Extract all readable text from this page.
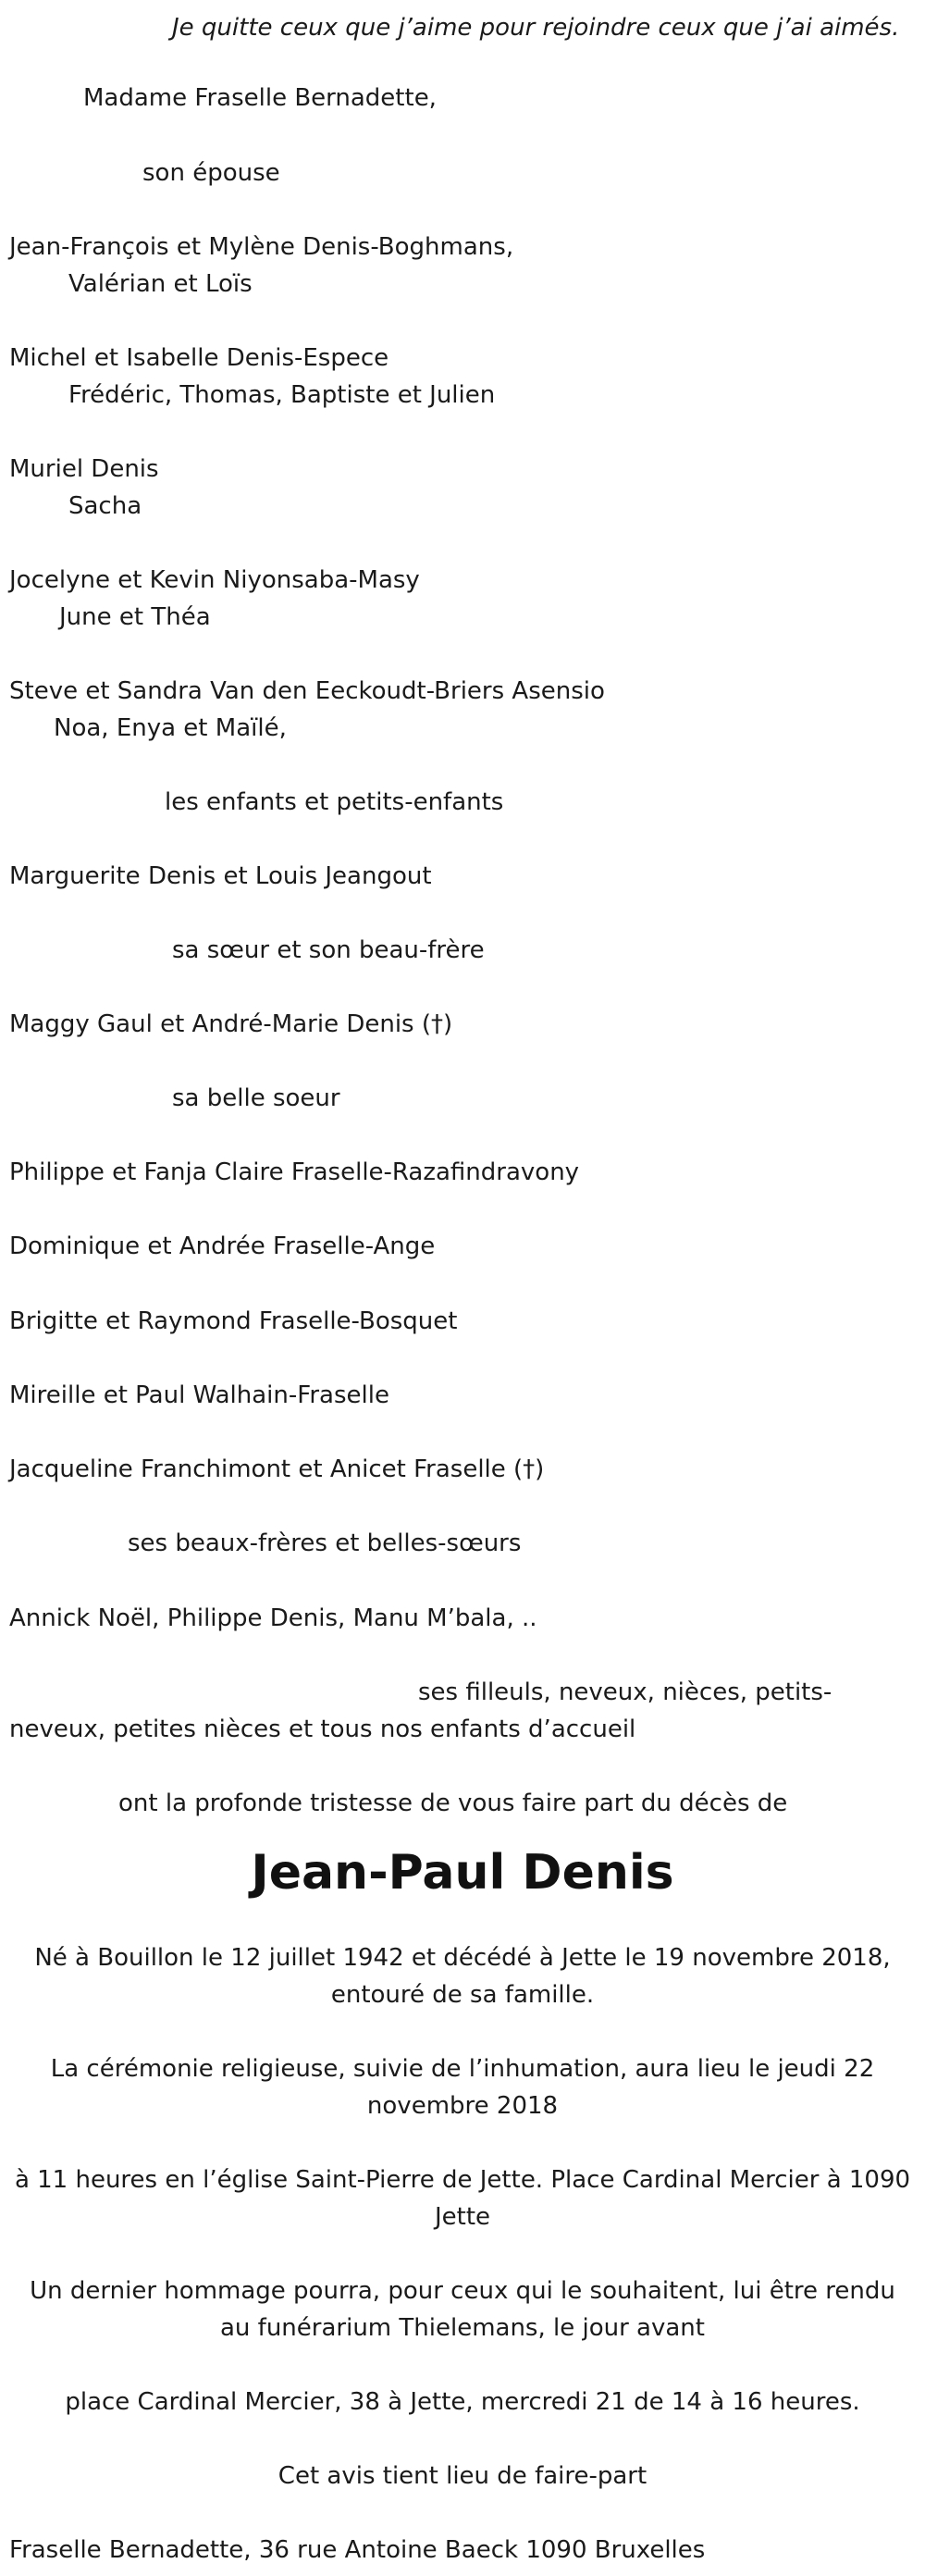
Je quitte ceux que j’aime pour rejoindre ceux que j’ai aimés.
Madame Fraselle Bernadette,
son épouse
Jean-François et Mylène Denis-Boghmans,
Valérian et Loïs
Michel et Isabelle Denis-Espece
Frédéric, Thomas, Baptiste et Julien
Muriel Denis
Sacha
Jocelyne et Kevin Niyonsaba-Masy
June et Théa
Steve et Sandra Van den Eeckoudt-Briers Asensio
Noa, Enya et Maïlé,
les enfants et petits-enfants
Marguerite Denis et Louis Jeangout
sa sœur et son beau-frère
Maggy Gaul et André-Marie Denis (†)
sa belle soeur
Philippe et Fanja Claire Fraselle-Razafindravony
Dominique et Andrée Fraselle-Ange
Brigitte et Raymond Fraselle-Bosquet
Mireille et Paul Walhain-Fraselle
Jacqueline Franchimont et Anicet Fraselle (†)
ses beaux-frères et belles-sœurs
Annick Noël, Philippe Denis, Manu M’bala, ..
ses filleuls, neveux, nièces, petits-
neveux, petites nièces et tous nos enfants d’accueil
ont la profonde tristesse de vous faire part du décès de
Jean-Paul Denis
Né à Bouillon le 12 juillet 1942 et décédé à Jette le 19 novembre 2018,
entouré de sa famille.
La cérémonie religieuse, suivie de l’inhumation, aura lieu le jeudi 22
novembre 2018
à 11 heures en l’église Saint-Pierre de Jette. Place Cardinal Mercier à 1090
Jette
Un dernier hommage pourra, pour ceux qui le souhaitent, lui être rendu
au funérarium Thielemans, le jour avant
place Cardinal Mercier, 38 à Jette, mercredi 21 de 14 à 16 heures.
Cet avis tient lieu de faire-part
Fraselle Bernadette, 36 rue Antoine Baeck 1090 Bruxelles
